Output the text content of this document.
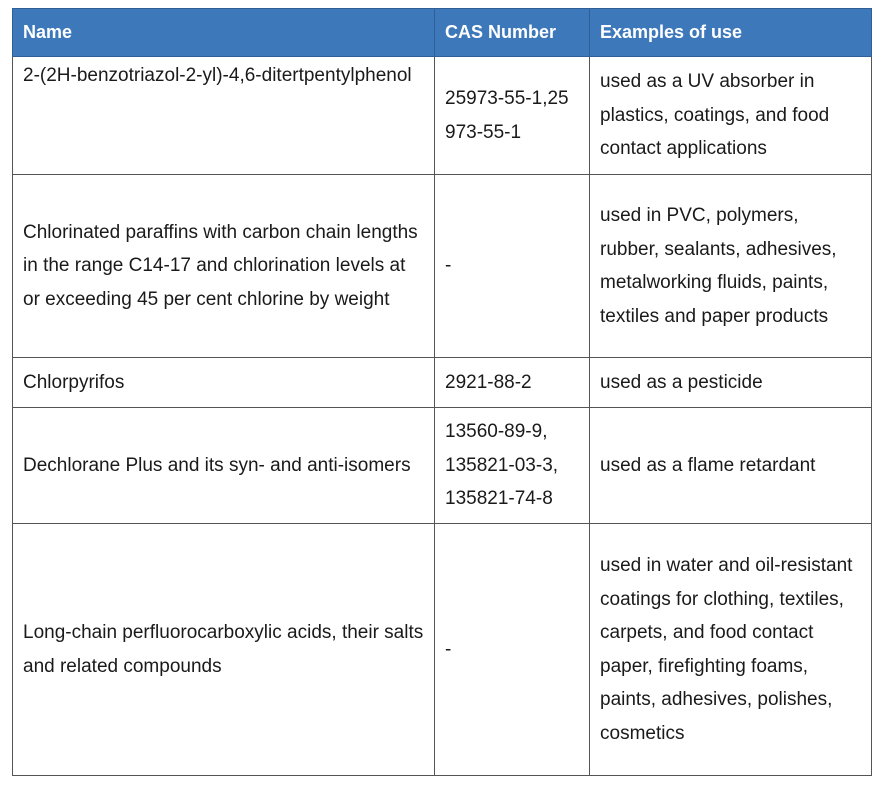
Name	CAS Number	Examples of use
2-(2H-benzotriazol-2-yl)-4,6-ditertpentylphenol	25973-55-1,25973-55-1	used as a UV absorber in plastics, coatings, and food contact applications
Chlorinated paraffins with carbon chain lengths in the range C14-17 and chlorination levels at or exceeding 45 per cent chlorine by weight	-	used in PVC, polymers, rubber, sealants, adhesives, metalworking fluids, paints, textiles and paper products
Chlorpyrifos	2921-88-2	used as a pesticide
Dechlorane Plus and its syn- and anti-isomers	13560-89-9, 135821-03-3, 135821-74-8	used as a flame retardant
Long-chain perfluorocarboxylic acids, their salts and related compounds	-	used in water and oil-resistant coatings for clothing, textiles, carpets, and food contact paper, firefighting foams, paints, adhesives, polishes, cosmetics
